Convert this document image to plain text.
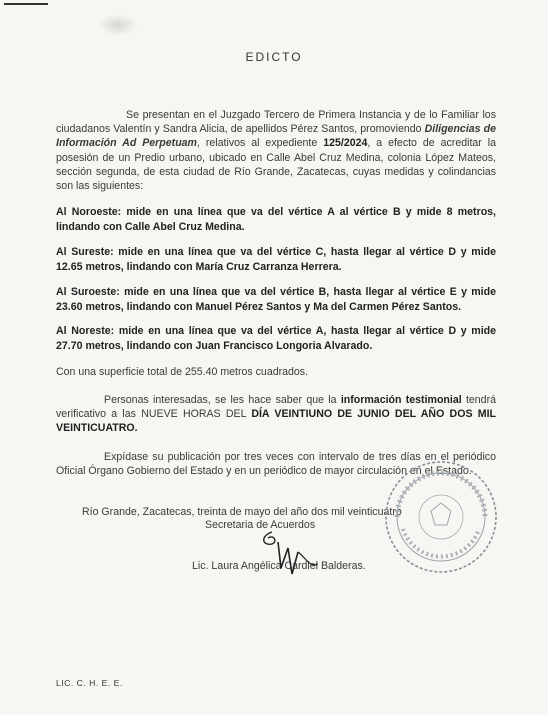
EDICTO
Se presentan en el Juzgado Tercero de Primera Instancia y de lo Familiar los ciudadanos Valentín y Sandra Alicia, de apellidos Pérez Santos, promoviendo Diligencias de Información Ad Perpetuam, relativos al expediente 125/2024, a efecto de acreditar la posesión de un Predio urbano, ubicado en Calle Abel Cruz Medina, colonia López Mateos, sección segunda, de esta ciudad de Río Grande, Zacatecas, cuyas medidas y colindancias son las siguientes:
Al Noroeste: mide en una línea que va del vértice A al vértice B y mide 8 metros, lindando con Calle Abel Cruz Medina.
Al Sureste: mide en una línea que va del vértice C, hasta llegar al vértice D y mide 12.65 metros, lindando con María Cruz Carranza Herrera.
Al Suroeste: mide en una línea que va del vértice B, hasta llegar al vértice E y mide 23.60 metros, lindando con Manuel Pérez Santos y Ma del Carmen Pérez Santos.
Al Noreste: mide en una línea que va del vértice A, hasta llegar al vértice D y mide 27.70 metros, lindando con Juan Francisco Longoria Alvarado.
Con una superficie total de 255.40 metros cuadrados.
Personas interesadas, se les hace saber que la información testimonial tendrá verificativo a las NUEVE HORAS DEL DÍA VEINTIUNO DE JUNIO DEL AÑO DOS MIL VEINTICUATRO.
Expídase su publicación por tres veces con intervalo de tres días en el periódico Oficial Órgano Gobierno del Estado y en un periódico de mayor circulación en el Estado.
Río Grande, Zacatecas, treinta de mayo del año dos mil veinticuatro
Secretaria de Acuerdos
Lic. Laura Angélica Cardiel Balderas.
LIC. C. H. E. E.
